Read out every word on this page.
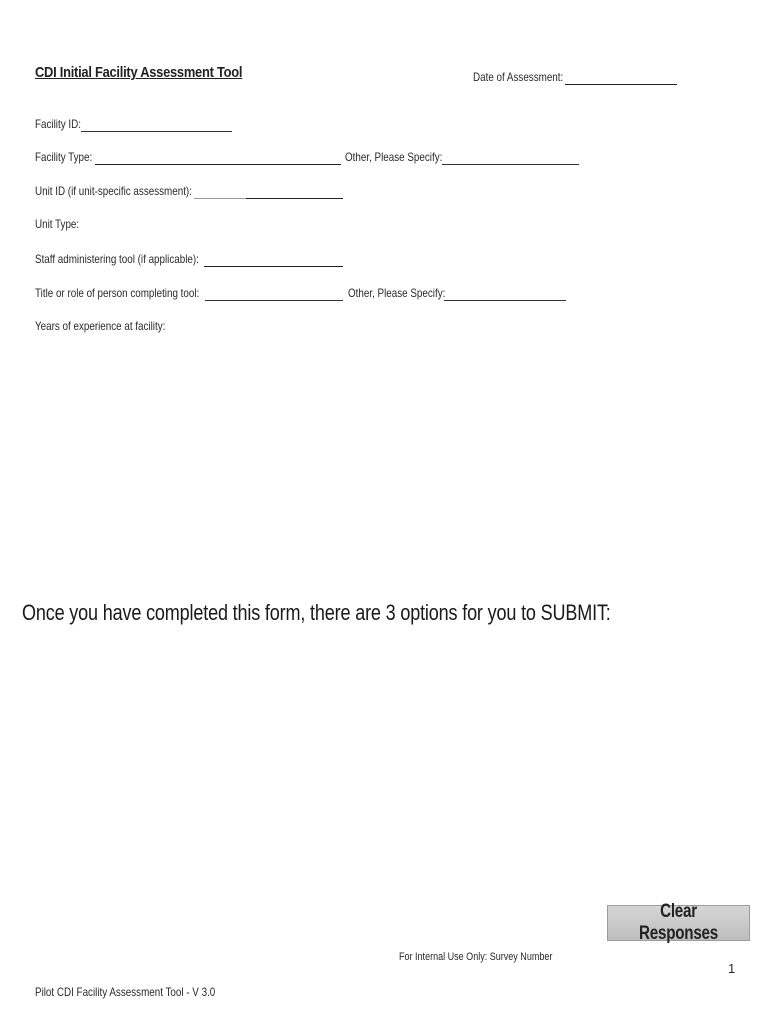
CDI Initial Facility Assessment Tool	Date of Assessment:
Facility ID:
Facility Type:	Other, Please Specify:
Unit ID (if unit-specific assessment):
Unit Type:
Staff administering tool (if applicable):
Title or role of person completing tool:	Other, Please Specify:
Years of experience at facility:
Once you have completed this form, there are 3 options for you to SUBMIT:
Clear Responses
For Internal Use Only: Survey Number
1
Pilot CDI Facility Assessment Tool - V 3.0
